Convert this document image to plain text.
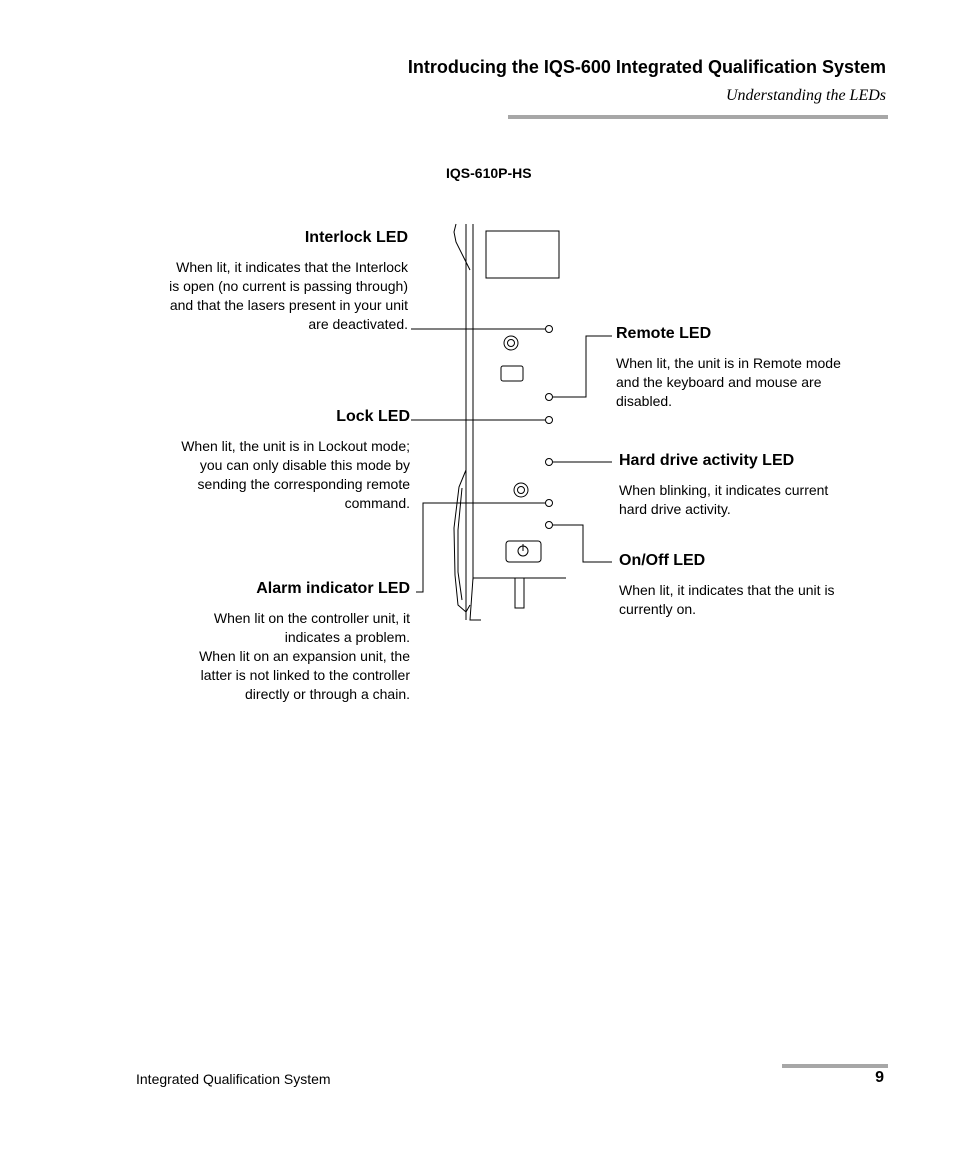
Introducing the IQS-600 Integrated Qualification System
Understanding the LEDs
IQS-610P-HS
Interlock LED
When lit, it indicates that the Interlock
is open (no current is passing through)
and that the lasers present in your unit
are deactivated.
Lock LED
When lit, the unit is in Lockout mode;
you can only disable this mode by
sending the corresponding remote
command.
Alarm indicator LED
When lit on the controller unit, it
indicates a problem.
When lit on an expansion unit, the
latter is not linked to the controller
directly or through a chain.
Remote LED
When lit, the unit is in Remote mode
and the keyboard and mouse are
disabled.
Hard drive activity LED
When blinking, it indicates current
hard drive activity.
On/Off LED
When lit, it indicates that the unit is
currently on.
Integrated Qualification System	9
